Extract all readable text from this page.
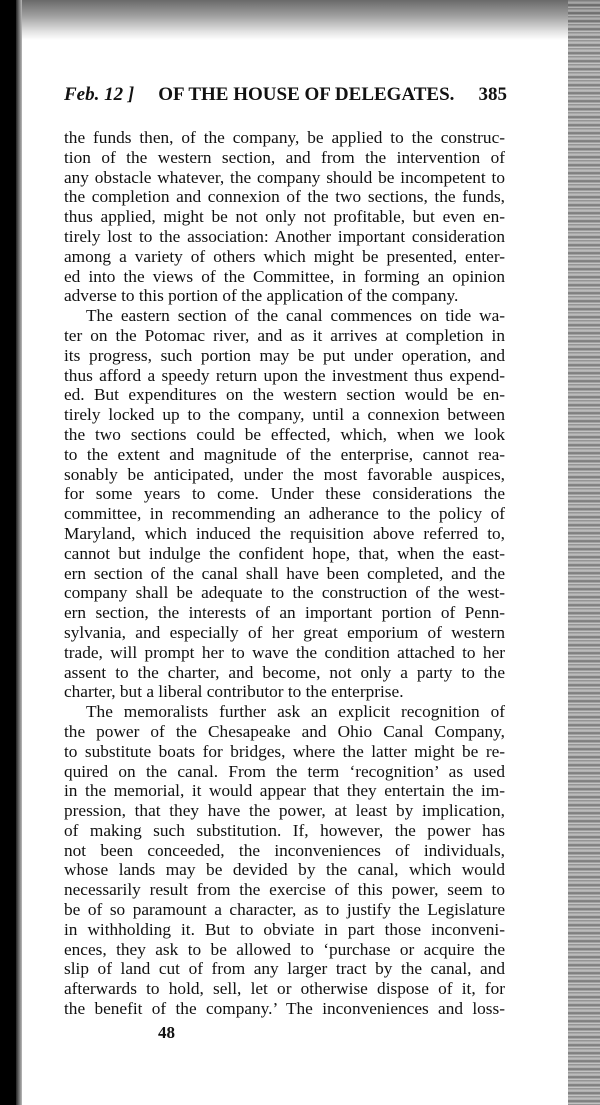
Feb. 12 ] OF THE HOUSE OF DELEGATES. 385
the funds then, of the company, be applied to the construc-
tion of the western section, and from the intervention of
any obstacle whatever, the company should be incompetent to
the completion and connexion of the two sections, the funds,
thus applied, might be not only not profitable, but even en-
tirely lost to the association: Another important consideration
among a variety of others which might be presented, enter-
ed into the views of the Committee, in forming an opinion
adverse to this portion of the application of the company.
The eastern section of the canal commences on tide wa-
ter on the Potomac river, and as it arrives at completion in
its progress, such portion may be put under operation, and
thus afford a speedy return upon the investment thus expend-
ed. But expenditures on the western section would be en-
tirely locked up to the company, until a connexion between
the two sections could be effected, which, when we look
to the extent and magnitude of the enterprise, cannot rea-
sonably be anticipated, under the most favorable auspices,
for some years to come. Under these considerations the
committee, in recommending an adherance to the policy of
Maryland, which induced the requisition above referred to,
cannot but indulge the confident hope, that, when the east-
ern section of the canal shall have been completed, and the
company shall be adequate to the construction of the west-
ern section, the interests of an important portion of Penn-
sylvania, and especially of her great emporium of western
trade, will prompt her to wave the condition attached to her
assent to the charter, and become, not only a party to the
charter, but a liberal contributor to the enterprise.
The memoralists further ask an explicit recognition of
the power of the Chesapeake and Ohio Canal Company,
to substitute boats for bridges, where the latter might be re-
quired on the canal. From the term ‘recognition’ as used
in the memorial, it would appear that they entertain the im-
pression, that they have the power, at least by implication,
of making such substitution. If, however, the power has
not been conceeded, the inconveniences of individuals,
whose lands may be devided by the canal, which would
necessarily result from the exercise of this power, seem to
be of so paramount a character, as to justify the Legislature
in withholding it. But to obviate in part those inconveni-
ences, they ask to be allowed to ‘purchase or acquire the
slip of land cut of from any larger tract by the canal, and
afterwards to hold, sell, let or otherwise dispose of it, for
the benefit of the company.’ The inconveniences and loss-
48
